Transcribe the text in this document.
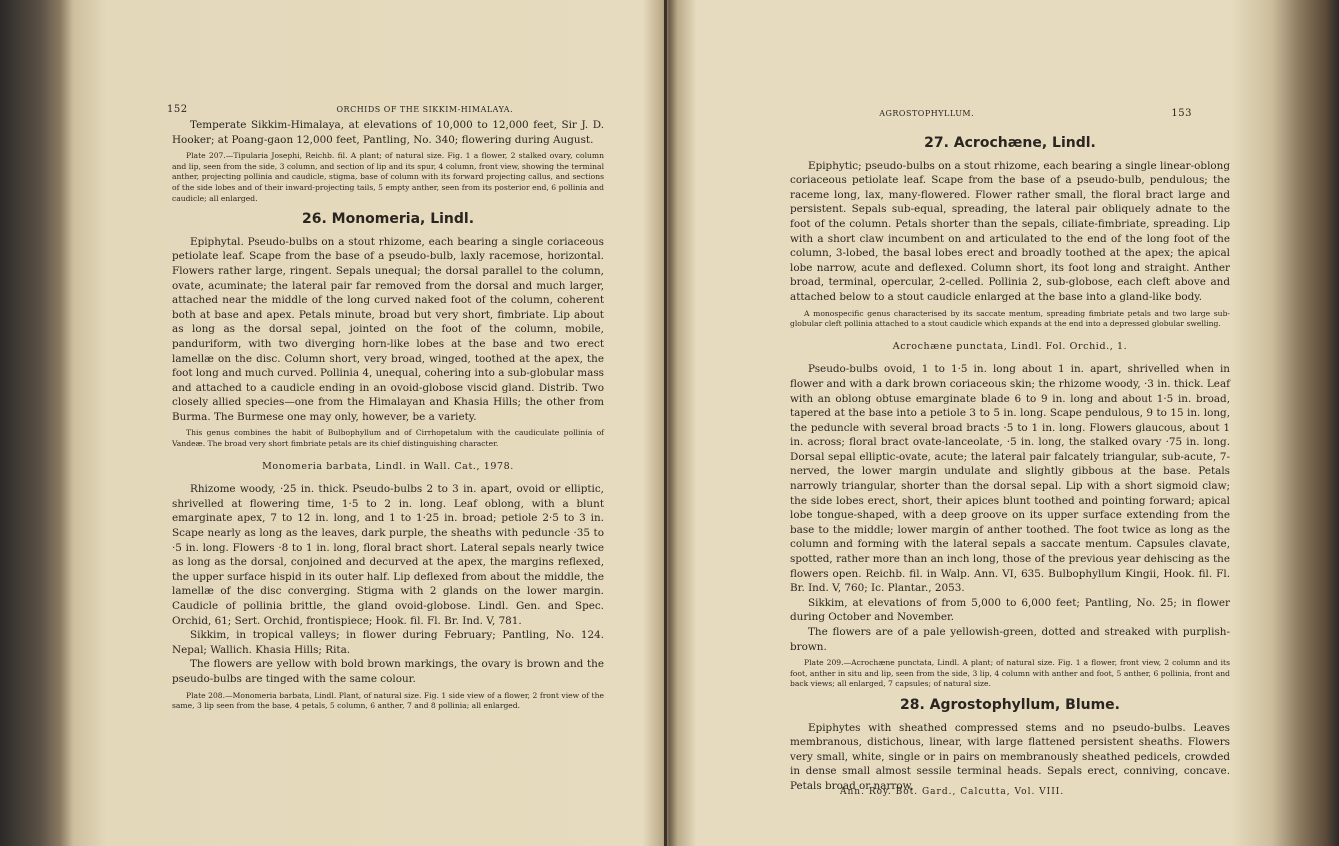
152	ORCHIDS OF THE SIKKIM-HIMALAYA.

Temperate Sikkim-Himalaya, at elevations of 10,000 to 12,000 feet, Sir J. D. Hooker; at Poang-gaon 12,000 feet, Pantling, No. 340; flowering during August.

Plate 207.—Tipularia Josephi, Reichb. fil. A plant; of natural size. Fig. 1 a flower, 2 stalked ovary, column and lip, seen from the side, 3 column, and section of lip and its spur, 4 column, front view, showing the terminal anther, projecting pollinia and caudicle, stigma, base of column with its forward projecting callus, and sections of the side lobes and of their inward-projecting tails, 5 empty anther, seen from its posterior end, 6 pollinia and caudicle; all enlarged.

26. Monomeria, Lindl.

Epiphytal. Pseudo-bulbs on a stout rhizome, each bearing a single coriaceous petiolate leaf. Scape from the base of a pseudo-bulb, laxly racemose, horizontal. Flowers rather large, ringent. Sepals unequal; the dorsal parallel to the column, ovate, acuminate; the lateral pair far removed from the dorsal and much larger, attached near the middle of the long curved naked foot of the column, coherent both at base and apex. Petals minute, broad but very short, fimbriate. Lip about as long as the dorsal sepal, jointed on the foot of the column, mobile, panduriform, with two diverging horn-like lobes at the base and two erect lamellæ on the disc. Column short, very broad, winged, toothed at the apex, the foot long and much curved. Pollinia 4, unequal, cohering into a sub-globular mass and attached to a caudicle ending in an ovoid-globose viscid gland. Distrib. Two closely allied species—one from the Himalayan and Khasia Hills; the other from Burma. The Burmese one may only, however, be a variety.

This genus combines the habit of Bulbophyllum and of Cirrhopetalum with the caudiculate pollinia of Vandeæ. The broad very short fimbriate petals are its chief distinguishing character.

Monomeria barbata, Lindl. in Wall. Cat., 1978.

Rhizome woody, ·25 in. thick. Pseudo-bulbs 2 to 3 in. apart, ovoid or elliptic, shrivelled at flowering time, 1·5 to 2 in. long. Leaf oblong, with a blunt emarginate apex, 7 to 12 in. long, and 1 to 1·25 in. broad; petiole 2·5 to 3 in. Scape nearly as long as the leaves, dark purple, the sheaths with peduncle ·35 to ·5 in. long. Flowers ·8 to 1 in. long, floral bract short. Lateral sepals nearly twice as long as the dorsal, conjoined and decurved at the apex, the margins reflexed, the upper surface hispid in its outer half. Lip deflexed from about the middle, the lamellæ of the disc converging. Stigma with 2 glands on the lower margin. Caudicle of pollinia brittle, the gland ovoid-globose. Lindl. Gen. and Spec. Orchid, 61; Sert. Orchid, frontispiece; Hook. fil. Fl. Br. Ind. V, 781.

Sikkim, in tropical valleys; in flower during February; Pantling, No. 124. Nepal; Wallich. Khasia Hills; Rita.

The flowers are yellow with bold brown markings, the ovary is brown and the pseudo-bulbs are tinged with the same colour.

Plate 208.—Monomeria barbata, Lindl. Plant, of natural size. Fig. 1 side view of a flower, 2 front view of the same, 3 lip seen from the base, 4 petals, 5 column, 6 anther, 7 and 8 pollinia; all enlarged.

AGROSTOPHYLLUM.	153

27. Acrochæne, Lindl.

Epiphytic; pseudo-bulbs on a stout rhizome, each bearing a single linear-oblong coriaceous petiolate leaf. Scape from the base of a pseudo-bulb, pendulous; the raceme long, lax, many-flowered. Flower rather small, the floral bract large and persistent. Sepals sub-equal, spreading, the lateral pair obliquely adnate to the foot of the column. Petals shorter than the sepals, ciliate-fimbriate, spreading. Lip with a short claw incumbent on and articulated to the end of the long foot of the column, 3-lobed, the basal lobes erect and broadly toothed at the apex; the apical lobe narrow, acute and deflexed. Column short, its foot long and straight. Anther broad, terminal, opercular, 2-celled. Pollinia 2, sub-globose, each cleft above and attached below to a stout caudicle enlarged at the base into a gland-like body.

A monospecific genus characterised by its saccate mentum, spreading fimbriate petals and two large sub-globular cleft pollinia attached to a stout caudicle which expands at the end into a depressed globular swelling.

Acrochæne punctata, Lindl. Fol. Orchid., 1.

Pseudo-bulbs ovoid, 1 to 1·5 in. long about 1 in. apart, shrivelled when in flower and with a dark brown coriaceous skin; the rhizome woody, ·3 in. thick. Leaf with an oblong obtuse emarginate blade 6 to 9 in. long and about 1·5 in. broad, tapered at the base into a petiole 3 to 5 in. long. Scape pendulous, 9 to 15 in. long, the peduncle with several broad bracts ·5 to 1 in. long. Flowers glaucous, about 1 in. across; floral bract ovate-lanceolate, ·5 in. long, the stalked ovary ·75 in. long. Dorsal sepal elliptic-ovate, acute; the lateral pair falcately triangular, sub-acute, 7-nerved, the lower margin undulate and slightly gibbous at the base. Petals narrowly triangular, shorter than the dorsal sepal. Lip with a short sigmoid claw; the side lobes erect, short, their apices blunt toothed and pointing forward; apical lobe tongue-shaped, with a deep groove on its upper surface extending from the base to the middle; lower margin of anther toothed. The foot twice as long as the column and forming with the lateral sepals a saccate mentum. Capsules clavate, spotted, rather more than an inch long, those of the previous year dehiscing as the flowers open. Reichb. fil. in Walp. Ann. VI, 635. Bulbophyllum Kingii, Hook. fil. Fl. Br. Ind. V, 760; Ic. Plantar., 2053.

Sikkim, at elevations of from 5,000 to 6,000 feet; Pantling, No. 25; in flower during October and November.

The flowers are of a pale yellowish-green, dotted and streaked with purplish-brown.

Plate 209.—Acrochæne punctata, Lindl. A plant; of natural size. Fig. 1 a flower, front view, 2 column and its foot, anther in situ and lip, seen from the side, 3 lip, 4 column with anther and foot, 5 anther, 6 pollinia, front and back views; all enlarged, 7 capsules; of natural size.

28. Agrostophyllum, Blume.

Epiphytes with sheathed compressed stems and no pseudo-bulbs. Leaves membranous, distichous, linear, with large flattened persistent sheaths. Flowers very small, white, single or in pairs on membranously sheathed pedicels, crowded in dense small almost sessile terminal heads. Sepals erect, conniving, concave. Petals broad or narrow,

Ann. Roy. Bot. Gard., Calcutta, Vol. VIII.
